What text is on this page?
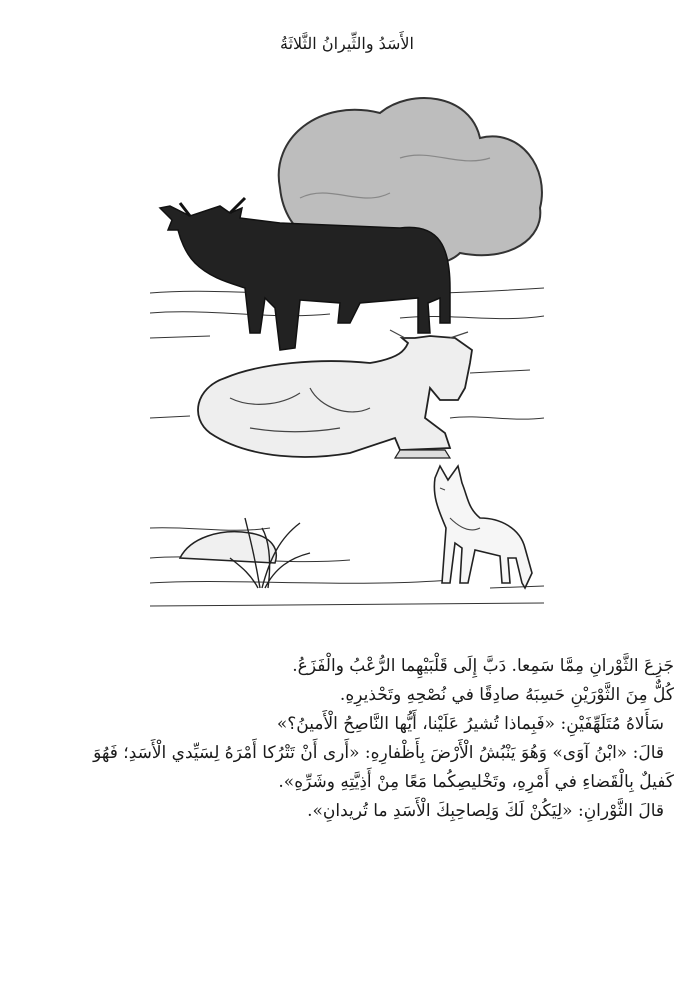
الأَسَدُ والثِّيرانُ الثَّلاثَةُ

جَزِعَ الثَّوْرانِ مِمَّا سَمِعا. دَبَّ إِلَى قَلْبَيْهِما الرُّعْبُ والْفَزَعُ.

كُلٌّ مِنَ الثَّوْرَيْنِ حَسِبَهُ صادِقًا في نُصْحِهِ وتَحْذيرِهِ.

سَأَلاهُ مُتَلَهِّفَيْنِ: «فَبِماذا تُشيرُ عَلَيْنا، أَيُّها النَّاصِحُ الْأَمينُ؟»

قالَ: «ابْنُ آوَى» وَهُوَ يَنْبُشُ الْأَرْضَ بِأَظْفارِهِ: «أَرى أَنْ تَتْرُكا أَمْرَهُ لِسَيِّدي الْأَسَدِ؛ فَهُوَ

كَفيلٌ بِالْقَضاءِ في أَمْرِهِ، وتَخْليصِكُما مَعًا مِنْ أَذِيَّتِهِ وشَرِّهِ».

قالَ الثَّوْرانِ: «لِيَكُنْ لَكَ وَلِصاحِبِكَ الْأَسَدِ ما تُريدانِ».
